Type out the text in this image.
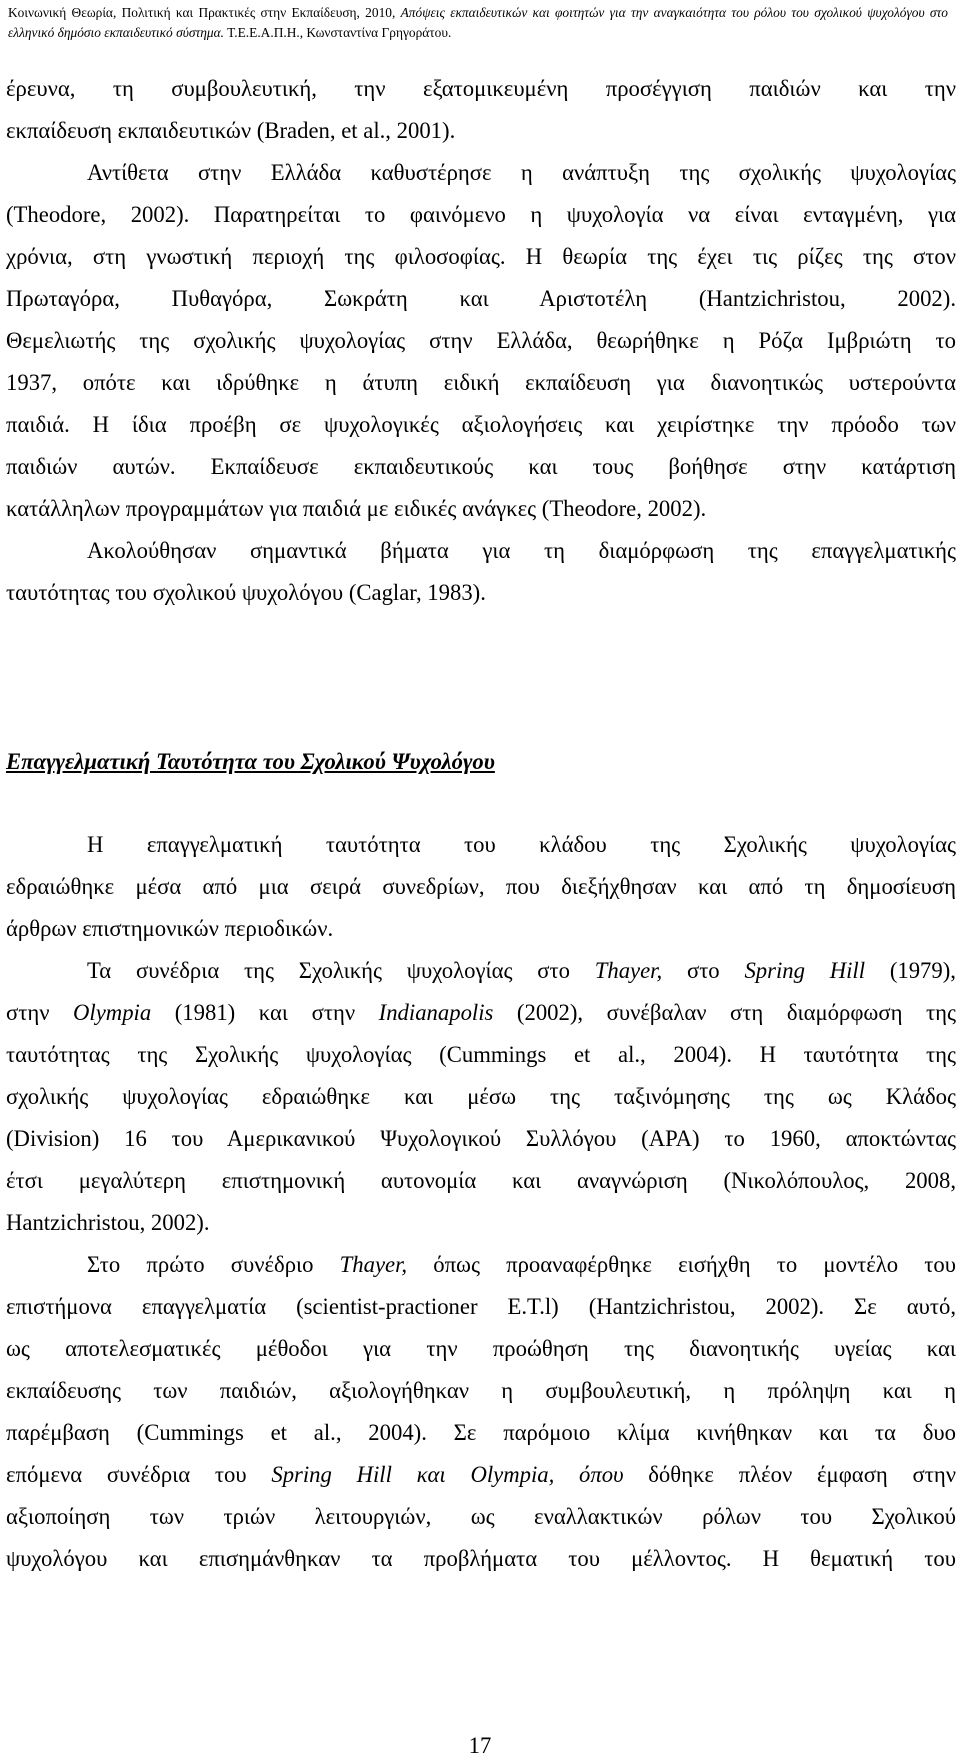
Κοινωνική Θεωρία, Πολιτική και Πρακτικές στην Εκπαίδευση, 2010, Απόψεις εκπαιδευτικών και φοιτητών για την αναγκαιότητα του ρόλου του σχολικού ψυχολόγου στο ελληνικό δημόσιο εκπαιδευτικό σύστημα. Τ.Ε.Ε.Α.Π.Η., Κωνσταντίνα Γρηγοράτου.
έρευνα, τη συμβουλευτική, την εξατομικευμένη προσέγγιση παιδιών και την
εκπαίδευση εκπαιδευτικών (Braden, et al., 2001).
Αντίθετα στην Ελλάδα καθυστέρησε η ανάπτυξη της σχολικής ψυχολογίας
(Theodore, 2002). Παρατηρείται το φαινόμενο η ψυχολογία να είναι ενταγμένη, για
χρόνια, στη γνωστική περιοχή της φιλοσοφίας. Η θεωρία της έχει τις ρίζες της στον
Πρωταγόρα, Πυθαγόρα, Σωκράτη και Αριστοτέλη (Hantzichristou, 2002).
Θεμελιωτής της σχολικής ψυχολογίας στην Ελλάδα, θεωρήθηκε η Ρόζα Ιμβριώτη το
1937, οπότε και ιδρύθηκε η άτυπη ειδική εκπαίδευση για διανοητικώς υστερούντα
παιδιά. Η ίδια προέβη σε ψυχολογικές αξιολογήσεις και χειρίστηκε την πρόοδο των
παιδιών αυτών. Εκπαίδευσε εκπαιδευτικούς και τους βοήθησε στην κατάρτιση
κατάλληλων προγραμμάτων για παιδιά με ειδικές ανάγκες (Theodore, 2002).
Ακολούθησαν σημαντικά βήματα για τη διαμόρφωση της επαγγελματικής
ταυτότητας του σχολικού ψυχολόγου (Caglar, 1983).
Επαγγελματική Ταυτότητα του Σχολικού Ψυχολόγου
Η επαγγελματική ταυτότητα του κλάδου της Σχολικής ψυχολογίας
εδραιώθηκε μέσα από μια σειρά συνεδρίων, που διεξήχθησαν και από τη δημοσίευση
άρθρων επιστημονικών περιοδικών.
Τα συνέδρια της Σχολικής ψυχολογίας στο Thayer, στο Spring Hill (1979),
στην Olympia (1981) και στην Indianapolis (2002), συνέβαλαν στη διαμόρφωση της
ταυτότητας της Σχολικής ψυχολογίας (Cummings et al., 2004). Η ταυτότητα της
σχολικής ψυχολογίας εδραιώθηκε και μέσω της ταξινόμησης της ως Κλάδος
(Division) 16 του Αμερικανικού Ψυχολογικού Συλλόγου (APA) το 1960, αποκτώντας
έτσι μεγαλύτερη επιστημονική αυτονομία και αναγνώριση (Νικολόπουλος, 2008,
Hantzichristou, 2002).
Στο πρώτο συνέδριο Thayer, όπως προαναφέρθηκε εισήχθη το μοντέλο του
επιστήμονα επαγγελματία (scientist-practioner E.T.l) (Hantzichristou, 2002). Σε αυτό,
ως αποτελεσματικές μέθοδοι για την προώθηση της διανοητικής υγείας και
εκπαίδευσης των παιδιών, αξιολογήθηκαν η συμβουλευτική, η πρόληψη και η
παρέμβαση (Cummings et al., 2004). Σε παρόμοιο κλίμα κινήθηκαν και τα δυο
επόμενα συνέδρια του Spring Hill και Olympia, όπου δόθηκε πλέον έμφαση στην
αξιοποίηση των τριών λειτουργιών, ως εναλλακτικών ρόλων του Σχολικού
ψυχολόγου και επισημάνθηκαν τα προβλήματα του μέλλοντος. Η θεματική του
17
